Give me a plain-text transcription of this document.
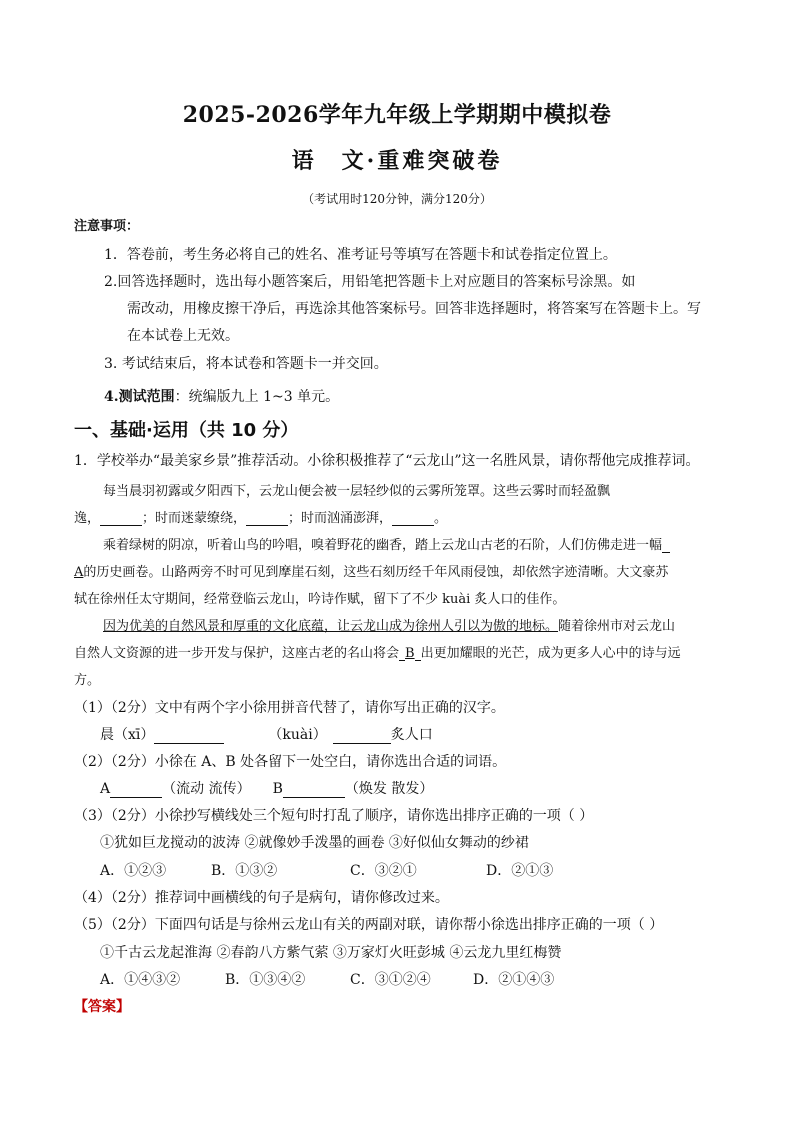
2025-2026学年九年级上学期期中模拟卷
语　文·重难突破卷
（考试用时120分钟，满分120分）
注意事项：
1．答卷前，考生务必将自己的姓名、准考证号等填写在答题卡和试卷指定位置上。
2.回答选择题时，选出每小题答案后，用铅笔把答题卡上对应题目的答案标号涂黑。如
需改动，用橡皮擦干净后，再选涂其他答案标号。回答非选择题时，将答案写在答题卡上。写
在本试卷上无效。
3. 考试结束后，将本试卷和答题卡一并交回。
4.测试范围：统编版九上 1~3 单元。
一、基础·运用（共 10 分）
1．学校举办“最美家乡景”推荐活动。小徐积极推荐了“云龙山”这一名胜风景，请你帮他完成推荐词。
每当晨羽初露或夕阳西下，云龙山便会被一层轻纱似的云雾所笼罩。这些云雾时而轻盈飘
逸，	；时而迷蒙缭绕，	；时而汹涌澎湃，	。
乘着绿树的阴凉，听着山鸟的吟唱，嗅着野花的幽香，踏上云龙山古老的石阶，人们仿佛走进一幅
A的历史画卷。山路两旁不时可见到摩崖石刻，这些石刻历经千年风雨侵蚀，却依然字迹清晰。大文豪苏
轼在徐州任太守期间，经常登临云龙山，吟诗作赋，留下了不少 kuài 炙人口的佳作。
因为优美的自然风景和厚重的文化底蕴，让云龙山成为徐州人引以为傲的地标。随着徐州市对云龙山
自然人文资源的进一步开发与保护，这座古老的名山将会 B 出更加耀眼的光芒，成为更多人心中的诗与远
方。
（1）（2分）文中有两个字小徐用拼音代替了，请你写出正确的汉字。
晨（xī）	（kuài）	炙人口
（2）（2分）小徐在 A、B 处各留下一处空白，请你选出合适的词语。
A	（流动 流传） B	（焕发 散发）
（3）（2分）小徐抄写横线处三个短句时打乱了顺序，请你选出排序正确的一项（ ）
①犹如巨龙搅动的波涛 ②就像妙手泼墨的画卷 ③好似仙女舞动的纱裙
A．①②③	B．①③②	C．③②①	D．②①③
（4）（2分）推荐词中画横线的句子是病句，请你修改过来。
（5）（2分）下面四句话是与徐州云龙山有关的两副对联，请你帮小徐选出排序正确的一项（ ）
①千古云龙起淮海 ②春韵八方紫气萦 ③万家灯火旺彭城 ④云龙九里红梅赞
A．①④③②	B．①③④②	C．③①②④	D．②①④③
【答案】
